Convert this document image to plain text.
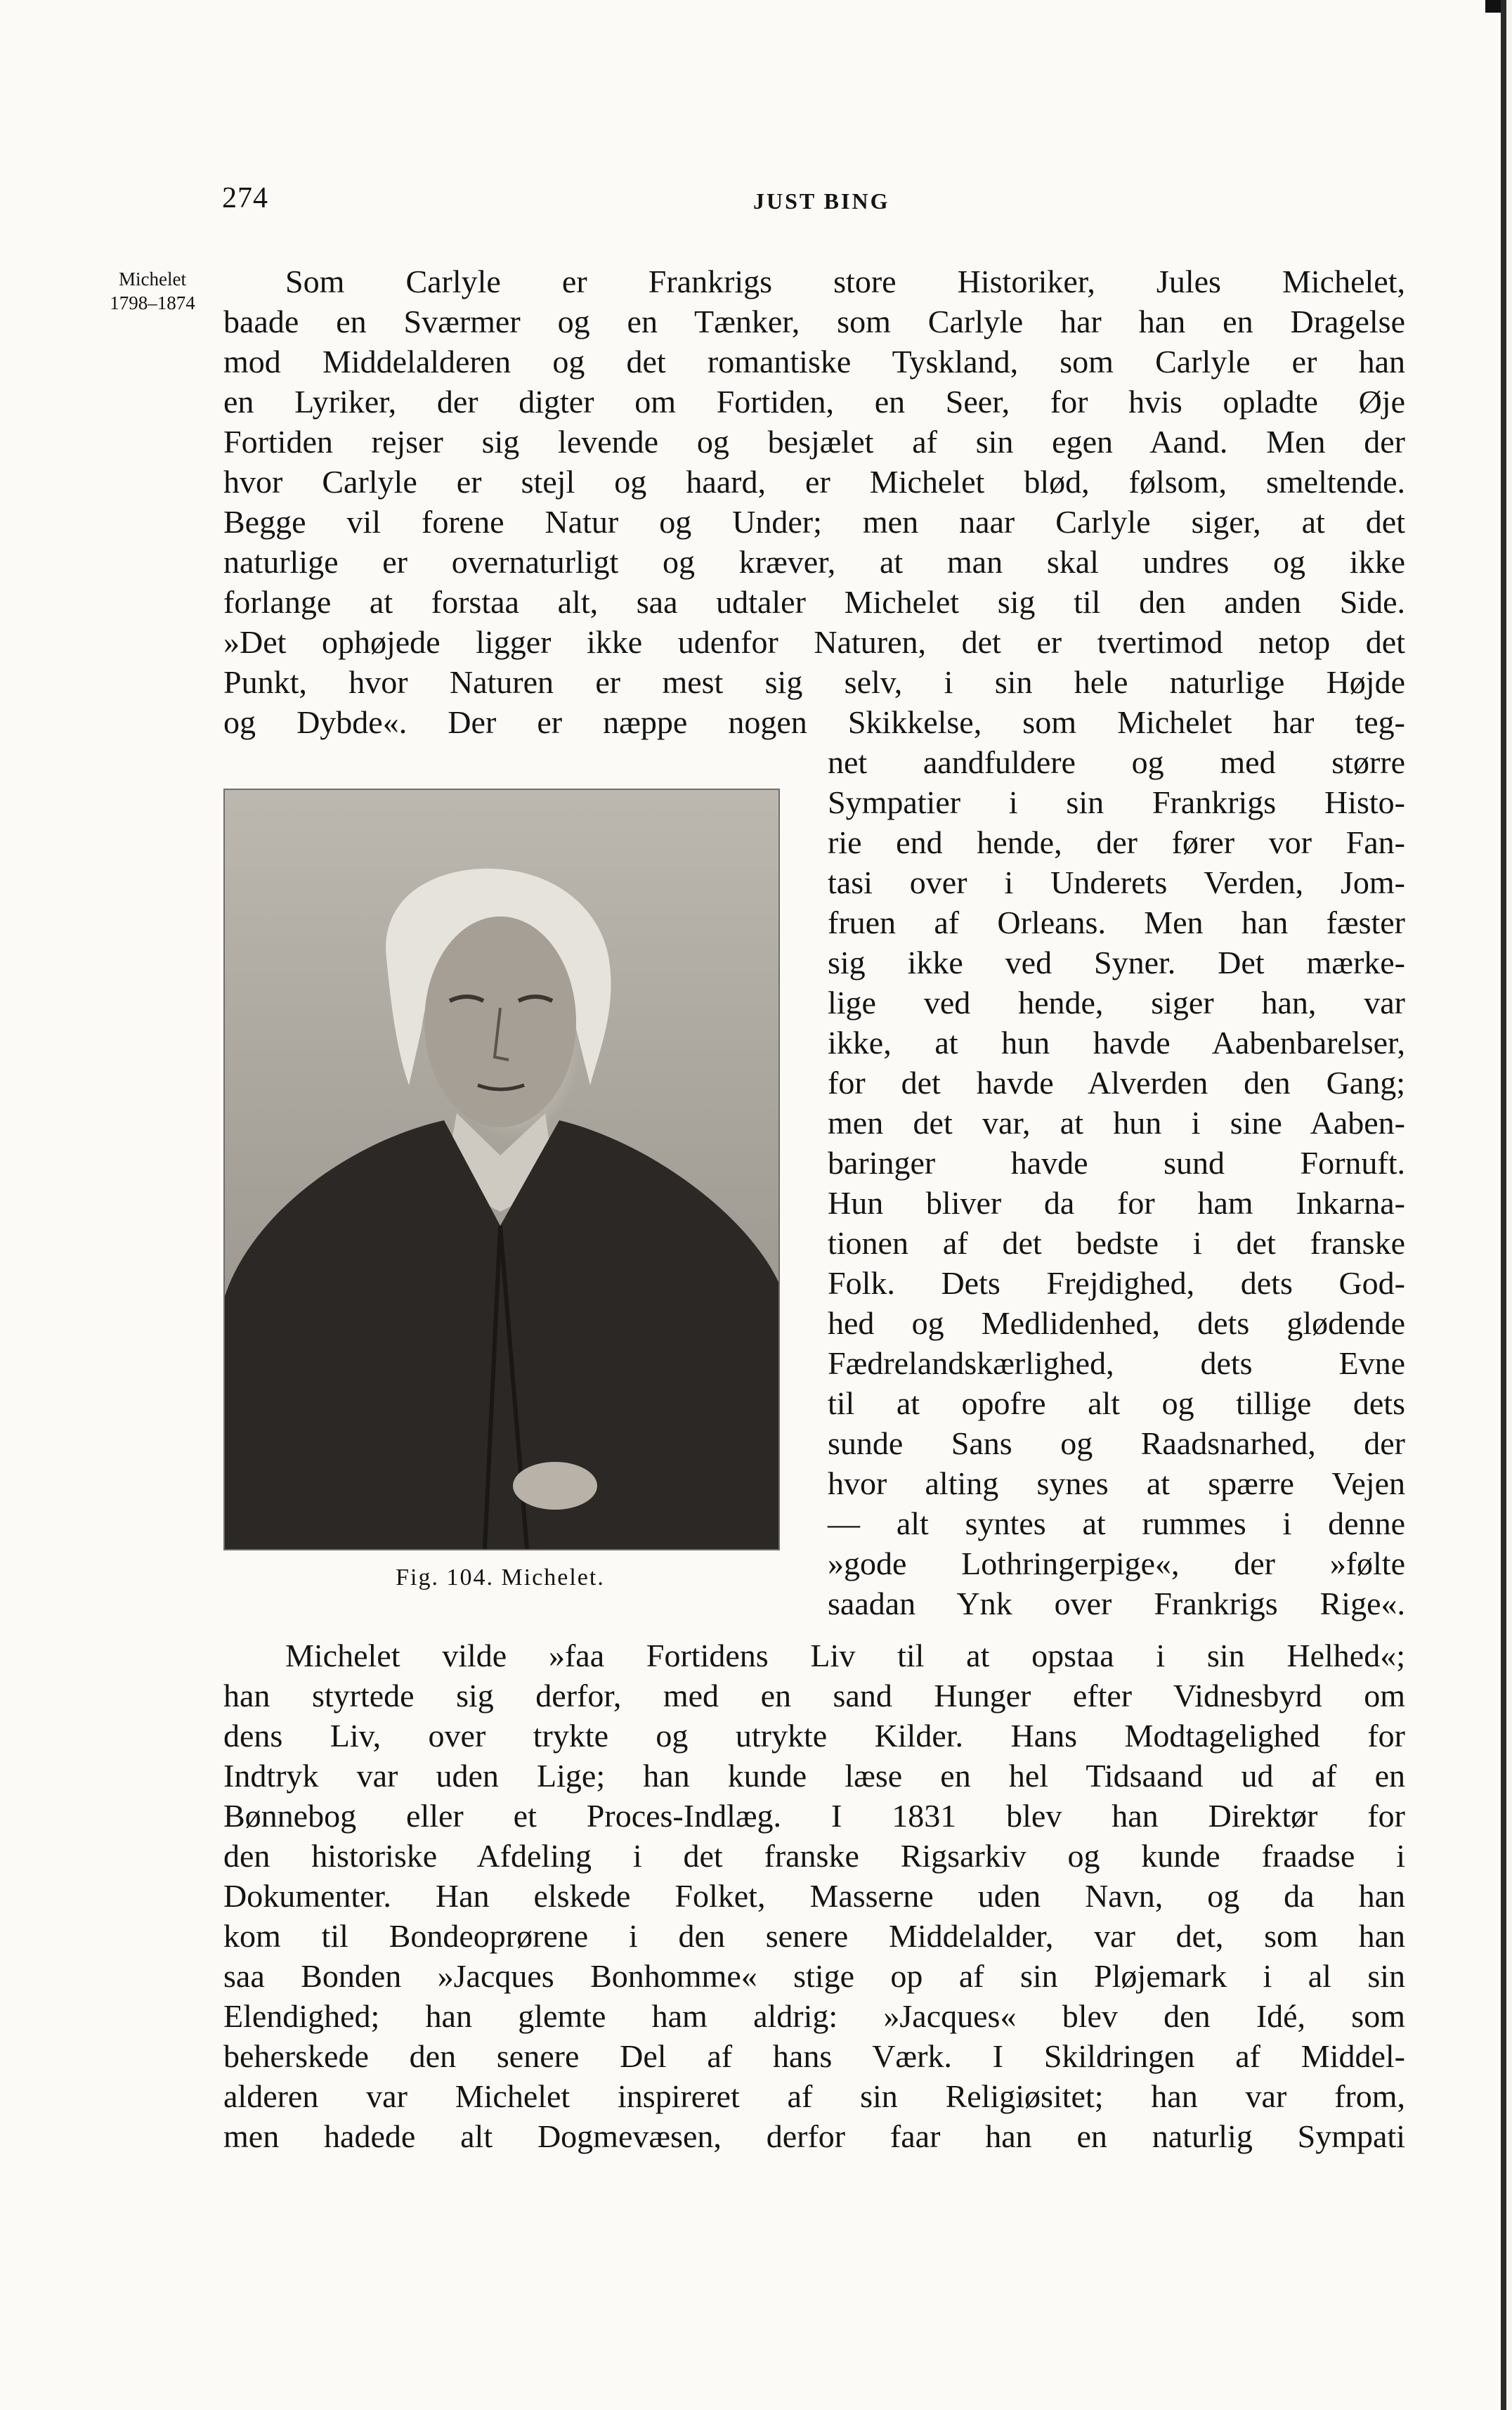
274	JUST BING
Michelet
1798–1874
Som Carlyle er Frankrigs store Historiker, Jules Michelet,
baade en Sværmer og en Tænker, som Carlyle har han en Dragelse
mod Middelalderen og det romantiske Tyskland, som Carlyle er han
en Lyriker, der digter om Fortiden, en Seer, for hvis opladte Øje
Fortiden rejser sig levende og besjælet af sin egen Aand. Men der
hvor Carlyle er stejl og haard, er Michelet blød, følsom, smeltende.
Begge vil forene Natur og Under; men naar Carlyle siger, at det
naturlige er overnaturligt og kræver, at man skal undres og ikke
forlange at forstaa alt, saa udtaler Michelet sig til den anden Side.
»Det ophøjede ligger ikke udenfor Naturen, det er tvertimod netop det
Punkt, hvor Naturen er mest sig selv, i sin hele naturlige Højde
og Dybde«. Der er næppe nogen Skikkelse, som Michelet har teg-
net aandfuldere og med større
Sympatier i sin Frankrigs Histo-
rie end hende, der fører vor Fan-
tasi over i Underets Verden, Jom-
fruen af Orleans. Men han fæster
sig ikke ved Syner. Det mærke-
lige ved hende, siger han, var
ikke, at hun havde Aabenbarelser,
for det havde Alverden den Gang;
men det var, at hun i sine Aaben-
baringer havde sund Fornuft.
Hun bliver da for ham Inkarna-
tionen af det bedste i det franske
Folk. Dets Frejdighed, dets God-
hed og Medlidenhed, dets glødende
Fædrelandskærlighed, dets Evne
til at opofre alt og tillige dets
sunde Sans og Raadsnarhed, der
hvor alting synes at spærre Vejen
— alt syntes at rummes i denne
»gode Lothringerpige«, der »følte
saadan Ynk over Frankrigs Rige«.
Michelet vilde »faa Fortidens Liv til at opstaa i sin Helhed«;
han styrtede sig derfor, med en sand Hunger efter Vidnesbyrd om
dens Liv, over trykte og utrykte Kilder. Hans Modtagelighed for
Indtryk var uden Lige; han kunde læse en hel Tidsaand ud af en
Bønnebog eller et Proces-Indlæg. I 1831 blev han Direktør for
den historiske Afdeling i det franske Rigsarkiv og kunde fraadse i
Dokumenter. Han elskede Folket, Masserne uden Navn, og da han
kom til Bondeoprørene i den senere Middelalder, var det, som han
saa Bonden »Jacques Bonhomme« stige op af sin Pløjemark i al sin
Elendighed; han glemte ham aldrig: »Jacques« blev den Idé, som
beherskede den senere Del af hans Værk. I Skildringen af Middel-
alderen var Michelet inspireret af sin Religiøsitet; han var from,
men hadede alt Dogmevæsen, derfor faar han en naturlig Sympati
Fig. 104. Michelet.
